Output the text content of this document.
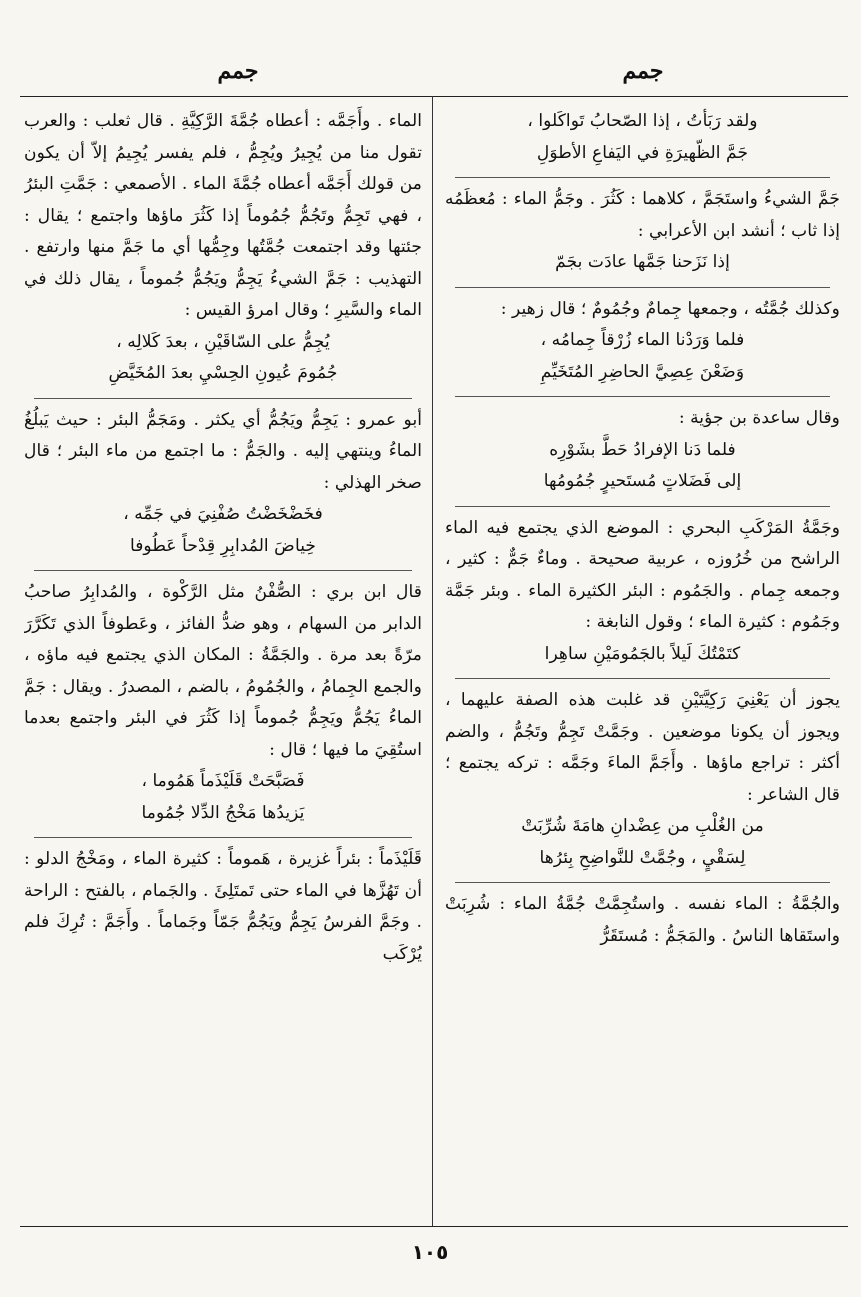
جمم
جمم

ولقد رَبَأتُ ، إذا الصّحابُ تَواكَلوا ،

جَمَّ الظّهيرَةِ في اليَفاعِ الأطوَلِ

جَمَّ الشيءُ واستَجَمَّ ، كلاهما : كَثُرَ . وجَمُّ الماء : مُعظَمُه إذا ثاب ؛ أنشد ابن الأعرابي :

إذا نَزَحنا جَمَّها عادَت بجَمّ

وكذلك جُمَّتُه ، وجمعها جِمامٌ وجُمُومٌ ؛ قال زهير :

فلما وَرَدْنا الماء زُرْقاً جِمامُه ،

وَضَعْنَ عِصِيَّ الحاضِرِ المُتَخَيِّمِ

وقال ساعدة بن جؤية :

فلما دَنا الإفرادُ حَطَّ بشَوْرِه

إلى فَضَلاتٍ مُستَحيرٍ جُمُومُها

وجَمَّةُ المَرْكَبِ البحري : الموضع الذي يجتمع فيه الماء الراشح من خُرُوزه ، عربية صحيحة . وماءٌ جَمٌّ : كثير ، وجمعه جِمام . والجَمُوم : البئر الكثيرة الماء . وبئر جَمَّة وجَمُوم : كثيرة الماء ؛ وقول النابغة :

كتَمْتُكَ لَيلاً بالجَمُومَيْنِ ساهِرا

يجوز أن يَعْنِيَ رَكِيَّتَيْنِ قد غلبت هذه الصفة عليهما ، ويجوز أن يكونا موضعين . وجَمَّتْ تَجِمُّ وتَجُمُّ ، والضم أكثر : تراجع ماؤها . وأَجَمَّ الماءَ وجَمَّه : تركه يجتمع ؛ قال الشاعر :

من الغُلْبِ من عِضْدانِ هامَةَ شُرِّبَتْ

لِسَقْيٍ ، وجُمَّتْ للنَّواضِحِ بِئرُها

والجُمَّةُ : الماء نفسه . واستُجِمَّتْ جُمَّةُ الماء : شُرِبَتْ واستَقاها الناسُ . والمَجَمُّ : مُستَقَرُّ

الماء . وأَجَمَّه : أعطاه جُمَّةَ الرَّكِيَّةِ . قال ثعلب : والعرب تقول منا من يُجِيرُ ويُجِمُّ ، فلم يفسر يُجِيمُ إلاّ أن يكون من قولك أَجَمَّه أعطاه جُمَّةَ الماء . الأصمعي : جَمَّتِ البئرُ ، فهي تَجِمُّ وتَجُمُّ جُمُوماً إذا كَثُرَ ماؤها واجتمع ؛ يقال : جئتها وقد اجتمعت جُمَّتُها وجِمُّها أي ما جَمَّ منها وارتفع . التهذيب : جَمَّ الشيءُ يَجِمُّ ويَجُمُّ جُموماً ، يقال ذلك في الماء والسَّيرِ ؛ وقال امرؤ القيس :

يُجِمُّ على السّاقَيْنِ ، بعدَ كَلالِه ،

جُمُومَ عُيونِ الحِسْيِ بعدَ المُخَيَّضِ

أبو عمرو : يَجِمُّ ويَجُمُّ أي يكثر . ومَجَمُّ البئر : حيث يَبلُغُ الماءُ وينتهي إليه . والجَمُّ : ما اجتمع من ماء البئر ؛ قال صخر الهذلي :

فخَضْخَضْتُ صُفْنِيَ في جَمِّه ،

خِياضَ المُدابِرِ قِدْحاً عَطُوفا

قال ابن بري : الصُّفْنُ مثل الرَّكْوة ، والمُدابِرُ صاحبُ الدابر من السهام ، وهو ضدُّ الفائز ، وعَطوفاً الذي تَكَرَّرَ مرّةً بعد مرة . والجَمَّةُ : المكان الذي يجتمع فيه ماؤه ، والجمع الجِمامُ ، والجُمُومُ ، بالضم ، المصدرُ . ويقال : جَمَّ الماءُ يَجُمُّ ويَجِمُّ جُموماً إذا كَثُرَ في البئر واجتمع بعدما استُقِيَ ما فيها ؛ قال :

فَصَبَّحَتْ قَلَيْذَماً هَمُوما ،

يَزيدُها مَخْجُ الدِّلا جُمُوما

قَلَيْذَماً : بئراً غزيرة ، هَموماً : كثيرة الماء ، ومَخْجُ الدلو : أن تَهُزَّها في الماء حتى تَمتَلِئَ . والجَمام ، بالفتح : الراحة . وجَمَّ الفرسُ يَجِمُّ ويَجُمُّ جَمّاً وجَماماً . وأَجَمَّ : تُرِكَ فلم يُرْكَب

١٠٥
